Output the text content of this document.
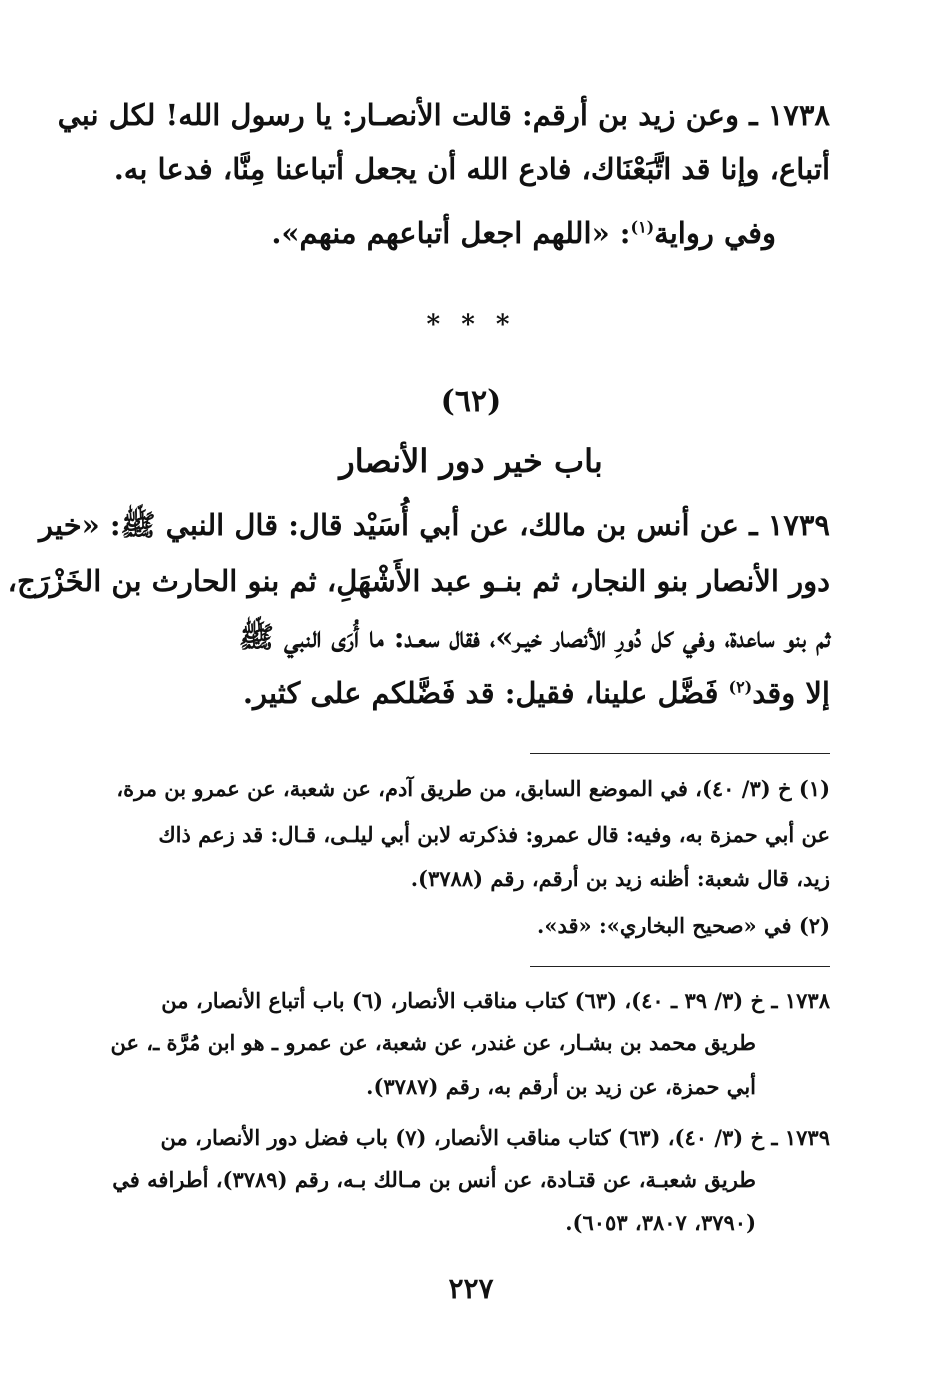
١٧٣٨ ـ وعن زيد بن أرقم: قالت الأنصـار: يا رسول الله! لكل نبي
أتباع، وإنا قد اتَّبَعْنَاك، فادع الله أن يجعل أتباعنا مِنَّا، فدعا به.
وفي رواية$^{(١)}$: «اللهم اجعل أتباعهم منهم».
* * *
(٦٢)
باب خير دور الأنصار
١٧٣٩ ـ عن أنس بن مالك، عن أبي أُسَيْد قال: قال النبي ﷺ: «خير
دور الأنصار بنو النجار، ثم بنـو عبد الأَشْهَلِ، ثم بنو الحارث بن الخَزْرَج،
ثم بنو ساعدة، وفي كل دُورِ الأنصار خيـر»، فقال سعـد: ما أُرَى النبي ﷺ
إلا وقد$^{(٢)}$ فَضَّل علينا، فقيل: قد فَضَّلكم على كثير.
(١) خ (٣/ ٤٠)، في الموضع السابق، من طريق آدم، عن شعبة، عن عمرو بن مرة،
عن أبي حمزة به، وفيه: قال عمرو: فذكرته لابن أبي ليلـى، قـال: قد زعم ذاك
زيد، قال شعبة: أظنه زيد بن أرقم، رقم (٣٧٨٨).
(٢) في «صحيح البخاري»: «قد».
١٧٣٨ ـ خ (٣/ ٣٩ ـ ٤٠)، (٦٣) كتاب مناقب الأنصار، (٦) باب أتباع الأنصار، من
طريق محمد بن بشـار، عن غندر، عن شعبة، عن عمرو ـ هو ابن مُرَّة ـ، عن
أبي حمزة، عن زيد بن أرقم به، رقم (٣٧٨٧).
١٧٣٩ ـ خ (٣/ ٤٠)، (٦٣) كتاب مناقب الأنصار، (٧) باب فضل دور الأنصار، من
طريق شعبـة، عن قتـادة، عن أنس بن مـالك بـه، رقم (٣٧٨٩)، أطرافه في
(٣٧٩٠، ٣٨٠٧، ٦٠٥٣).
٢٢٧
